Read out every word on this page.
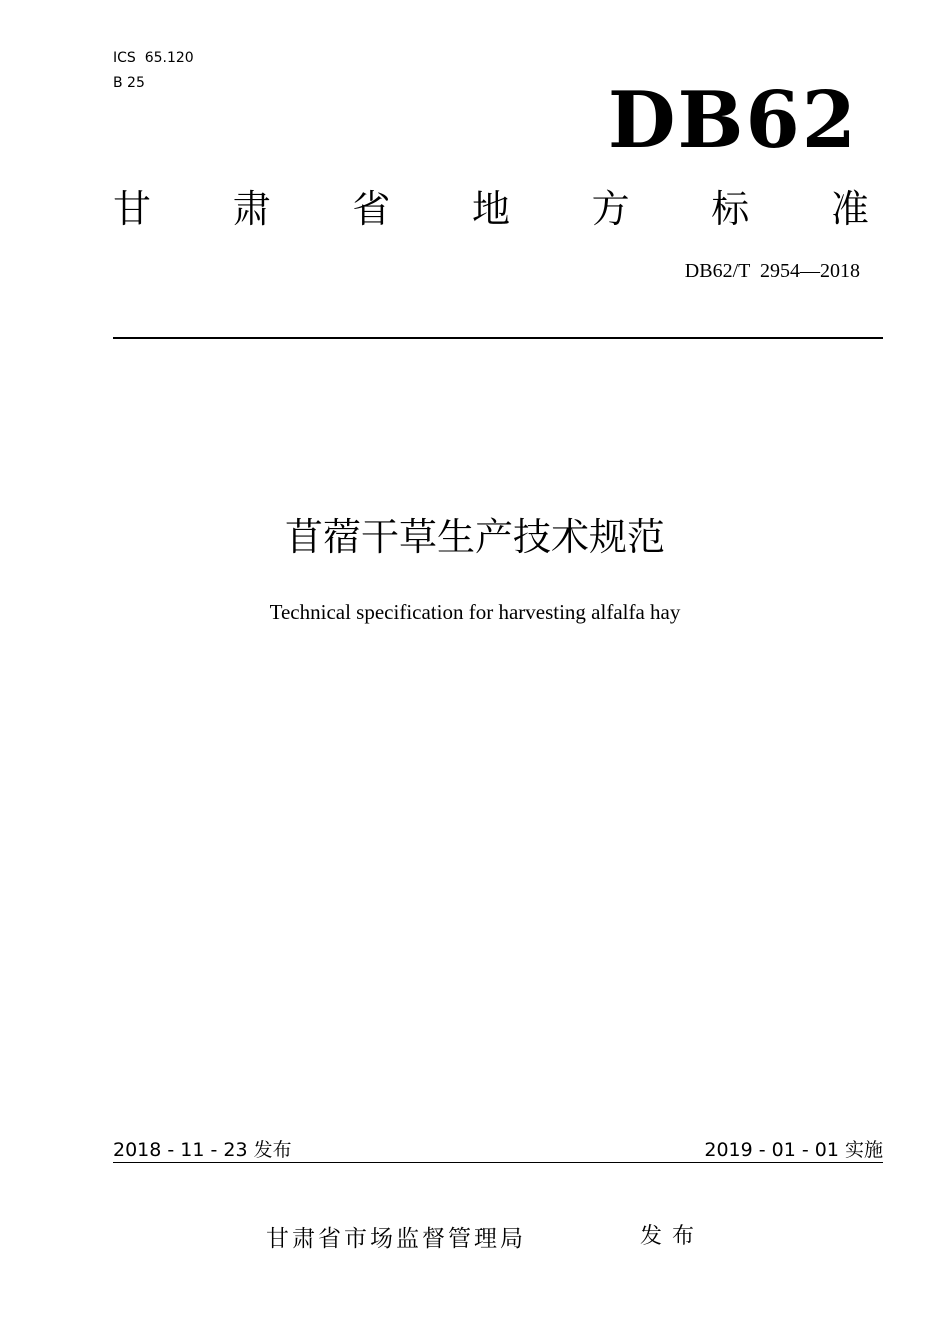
ICS  65.120
B 25	DB62
甘 肃 省 地 方 标 准
DB62/T  2954—2018
苜蓿干草生产技术规范
Technical specification for harvesting alfalfa hay
2018 - 11 - 23 发布	2019 - 01 - 01 实施
甘肃省市场监督管理局	发布
